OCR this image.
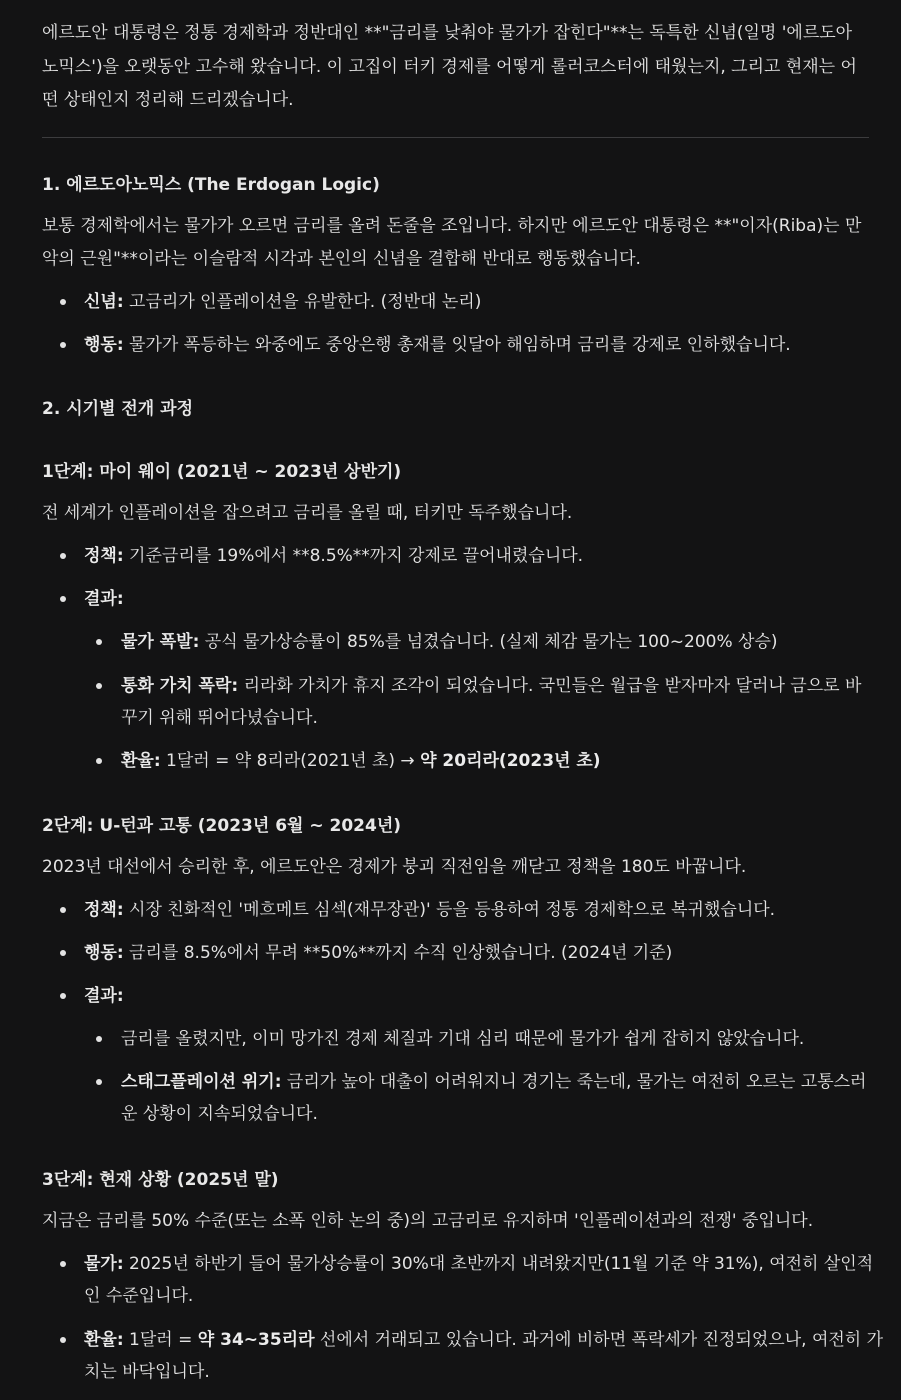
에르도안 대통령은 정통 경제학과 정반대인 **"금리를 낮춰야 물가가 잡힌다"**는 독특한 신념(일명 '에르도아
노믹스')을 오랫동안 고수해 왔습니다. 이 고집이 터키 경제를 어떻게 롤러코스터에 태웠는지, 그리고 현재는 어
떤 상태인지 정리해 드리겠습니다.
1. 에르도아노믹스 (The Erdogan Logic)
보통 경제학에서는 물가가 오르면 금리를 올려 돈줄을 조입니다. 하지만 에르도안 대통령은 **"이자(Riba)는 만
악의 근원"**이라는 이슬람적 시각과 본인의 신념을 결합해 반대로 행동했습니다.
신념: 고금리가 인플레이션을 유발한다. (정반대 논리)
행동: 물가가 폭등하는 와중에도 중앙은행 총재를 잇달아 해임하며 금리를 강제로 인하했습니다.
2. 시기별 전개 과정
1단계: 마이 웨이 (2021년 ~ 2023년 상반기)
전 세계가 인플레이션을 잡으려고 금리를 올릴 때, 터키만 독주했습니다.
정책: 기준금리를 19%에서 **8.5%**까지 강제로 끌어내렸습니다.
결과:
물가 폭발: 공식 물가상승률이 85%를 넘겼습니다. (실제 체감 물가는 100~200% 상승)
통화 가치 폭락: 리라화 가치가 휴지 조각이 되었습니다. 국민들은 월급을 받자마자 달러나 금으로 바
꾸기 위해 뛰어다녔습니다.
환율: 1달러 = 약 8리라(2021년 초) → 약 20리라(2023년 초)
2단계: U-턴과 고통 (2023년 6월 ~ 2024년)
2023년 대선에서 승리한 후, 에르도안은 경제가 붕괴 직전임을 깨닫고 정책을 180도 바꿉니다.
정책: 시장 친화적인 '메흐메트 심섹(재무장관)' 등을 등용하여 정통 경제학으로 복귀했습니다.
행동: 금리를 8.5%에서 무려 **50%**까지 수직 인상했습니다. (2024년 기준)
결과:
금리를 올렸지만, 이미 망가진 경제 체질과 기대 심리 때문에 물가가 쉽게 잡히지 않았습니다.
스태그플레이션 위기: 금리가 높아 대출이 어려워지니 경기는 죽는데, 물가는 여전히 오르는 고통스러
운 상황이 지속되었습니다.
3단계: 현재 상황 (2025년 말)
지금은 금리를 50% 수준(또는 소폭 인하 논의 중)의 고금리로 유지하며 '인플레이션과의 전쟁' 중입니다.
물가: 2025년 하반기 들어 물가상승률이 30%대 초반까지 내려왔지만(11월 기준 약 31%), 여전히 살인적
인 수준입니다.
환율: 1달러 = 약 34~35리라 선에서 거래되고 있습니다. 과거에 비하면 폭락세가 진정되었으나, 여전히 가
치는 바닥입니다.
